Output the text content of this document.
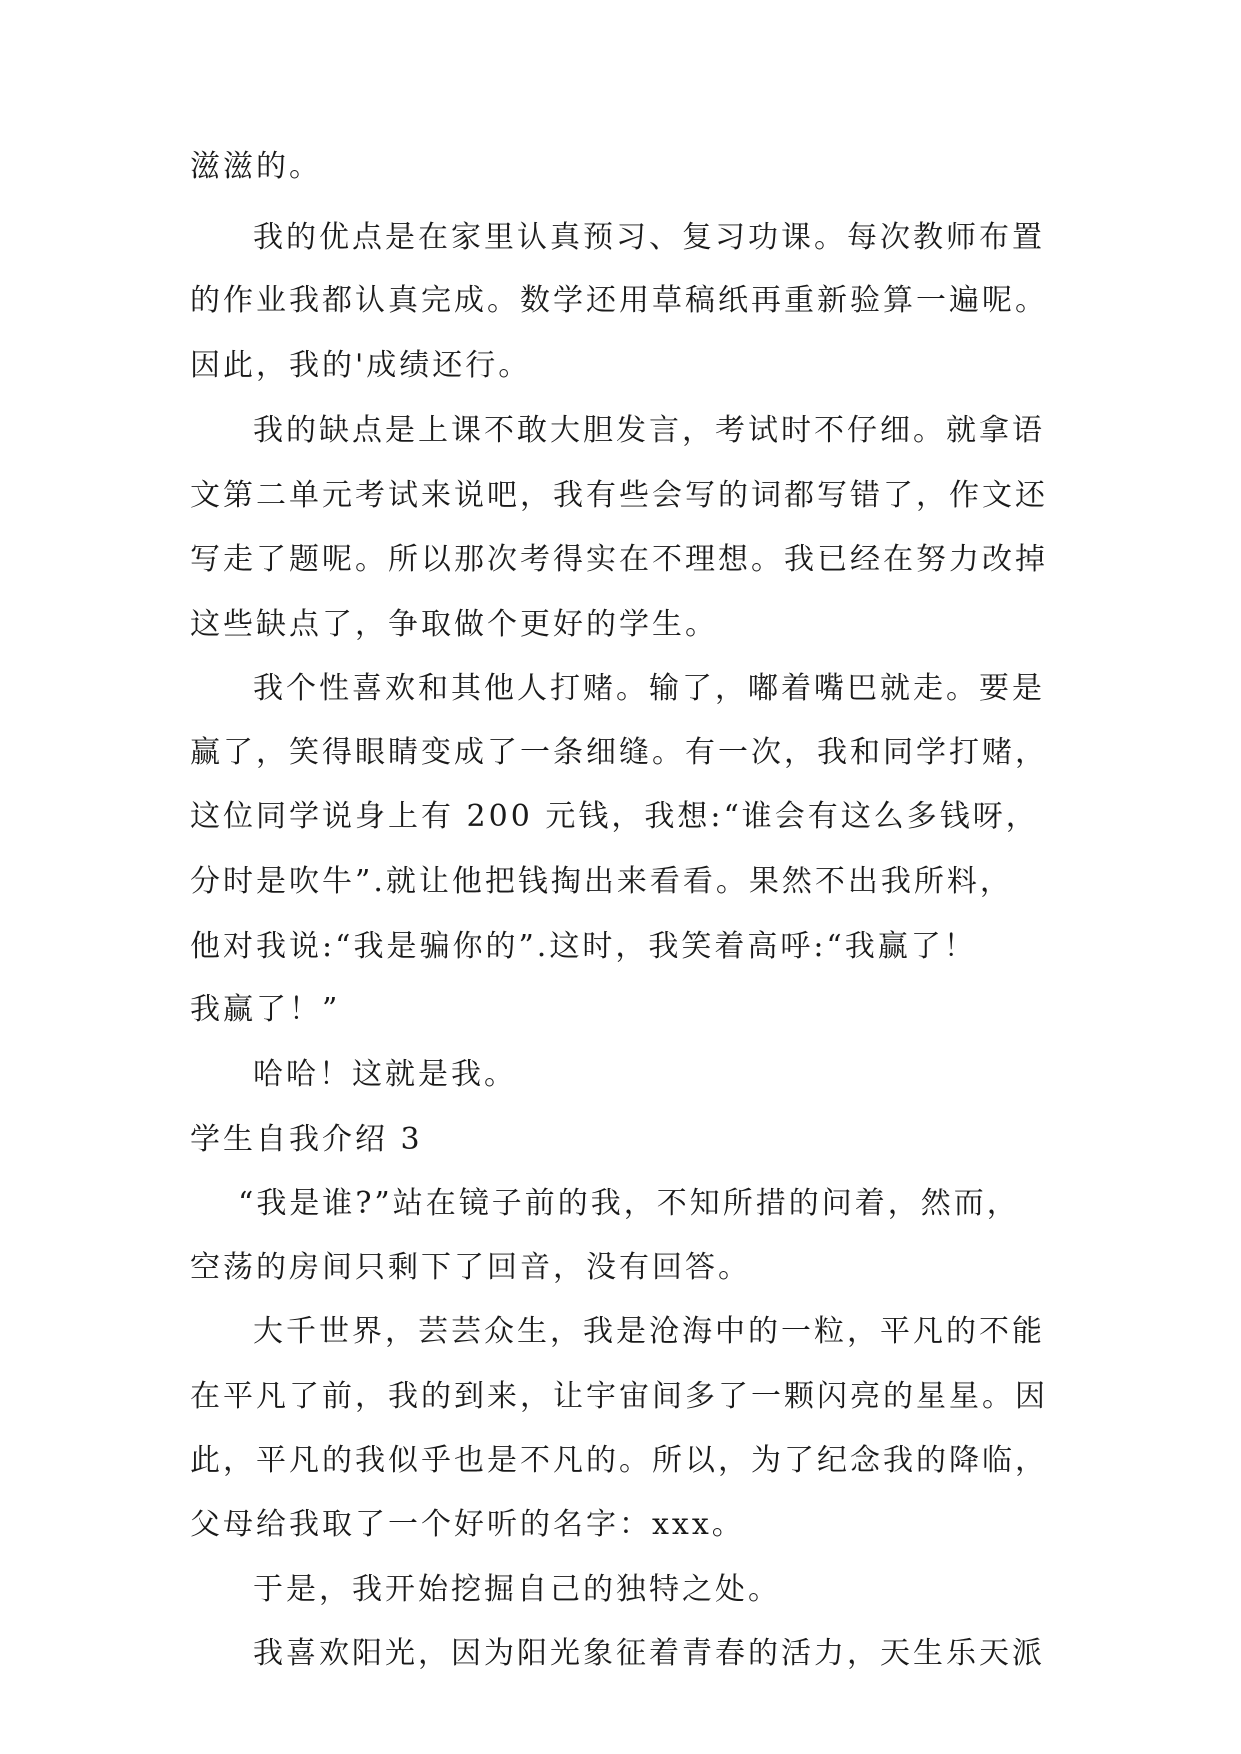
滋滋的。
我的优点是在家里认真预习、复习功课。每次教师布置
的作业我都认真完成。数学还用草稿纸再重新验算一遍呢。
因此，我的'成绩还行。
我的缺点是上课不敢大胆发言，考试时不仔细。就拿语
文第二单元考试来说吧，我有些会写的词都写错了，作文还
写走了题呢。所以那次考得实在不理想。我已经在努力改掉
这些缺点了，争取做个更好的学生。
我个性喜欢和其他人打赌。输了，嘟着嘴巴就走。要是
赢了，笑得眼睛变成了一条细缝。有一次，我和同学打赌，
这位同学说身上有 200 元钱，我想:“谁会有这么多钱呀，
分时是吹牛”.就让他把钱掏出来看看。果然不出我所料，
他对我说:“我是骗你的”.这时，我笑着高呼:“我赢了！
我赢了！”
哈哈！这就是我。
学生自我介绍 3
“我是谁?”站在镜子前的我，不知所措的问着，然而，
空荡的房间只剩下了回音，没有回答。
大千世界，芸芸众生，我是沧海中的一粒，平凡的不能
在平凡了前，我的到来，让宇宙间多了一颗闪亮的星星。因
此，平凡的我似乎也是不凡的。所以，为了纪念我的降临，
父母给我取了一个好听的名字：xxx。
于是，我开始挖掘自己的独特之处。
我喜欢阳光，因为阳光象征着青春的活力，天生乐天派
